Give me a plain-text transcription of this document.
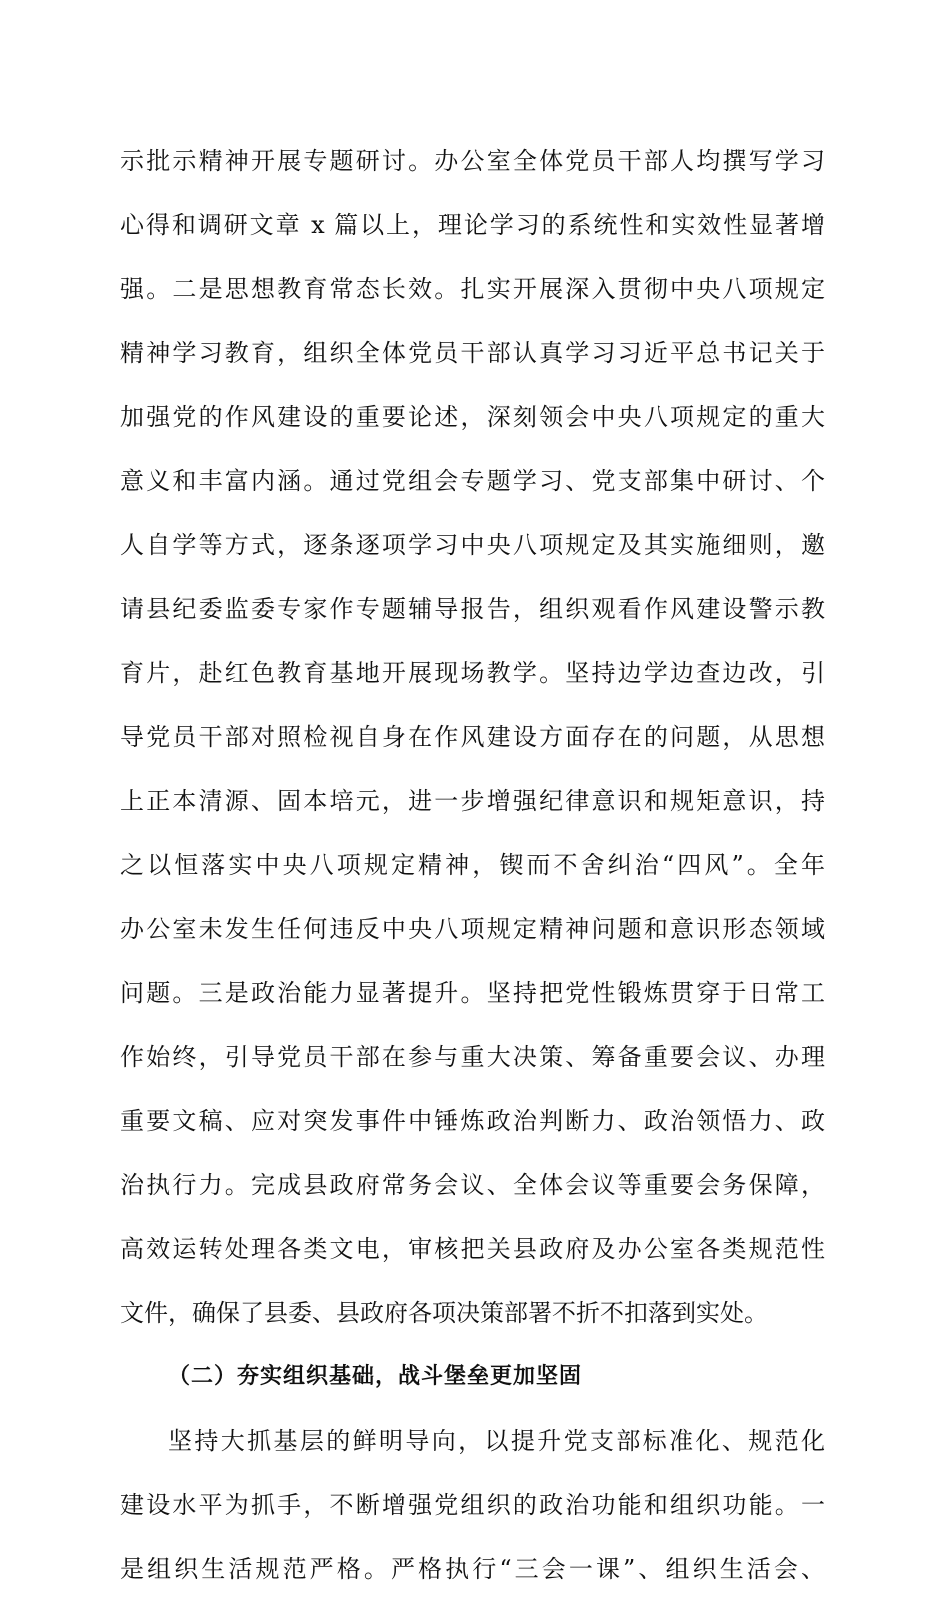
示批示精神开展专题研讨。办公室全体党员干部人均撰写学习
心得和调研文章 x 篇以上，理论学习的系统性和实效性显著增
强。二是思想教育常态长效。扎实开展深入贯彻中央八项规定
精神学习教育，组织全体党员干部认真学习习近平总书记关于
加强党的作风建设的重要论述，深刻领会中央八项规定的重大
意义和丰富内涵。通过党组会专题学习、党支部集中研讨、个
人自学等方式，逐条逐项学习中央八项规定及其实施细则，邀
请县纪委监委专家作专题辅导报告，组织观看作风建设警示教
育片，赴红色教育基地开展现场教学。坚持边学边查边改，引
导党员干部对照检视自身在作风建设方面存在的问题，从思想
上正本清源、固本培元，进一步增强纪律意识和规矩意识，持
之以恒落实中央八项规定精神，锲而不舍纠治“四风”。全年
办公室未发生任何违反中央八项规定精神问题和意识形态领域
问题。三是政治能力显著提升。坚持把党性锻炼贯穿于日常工
作始终，引导党员干部在参与重大决策、筹备重要会议、办理
重要文稿、应对突发事件中锤炼政治判断力、政治领悟力、政
治执行力。完成县政府常务会议、全体会议等重要会务保障，
高效运转处理各类文电，审核把关县政府及办公室各类规范性
文件，确保了县委、县政府各项决策部署不折不扣落到实处。
（二）夯实组织基础，战斗堡垒更加坚固
坚持大抓基层的鲜明导向，以提升党支部标准化、规范化
建设水平为抓手，不断增强党组织的政治功能和组织功能。一
是组织生活规范严格。严格执行“三会一课”、组织生活会、
